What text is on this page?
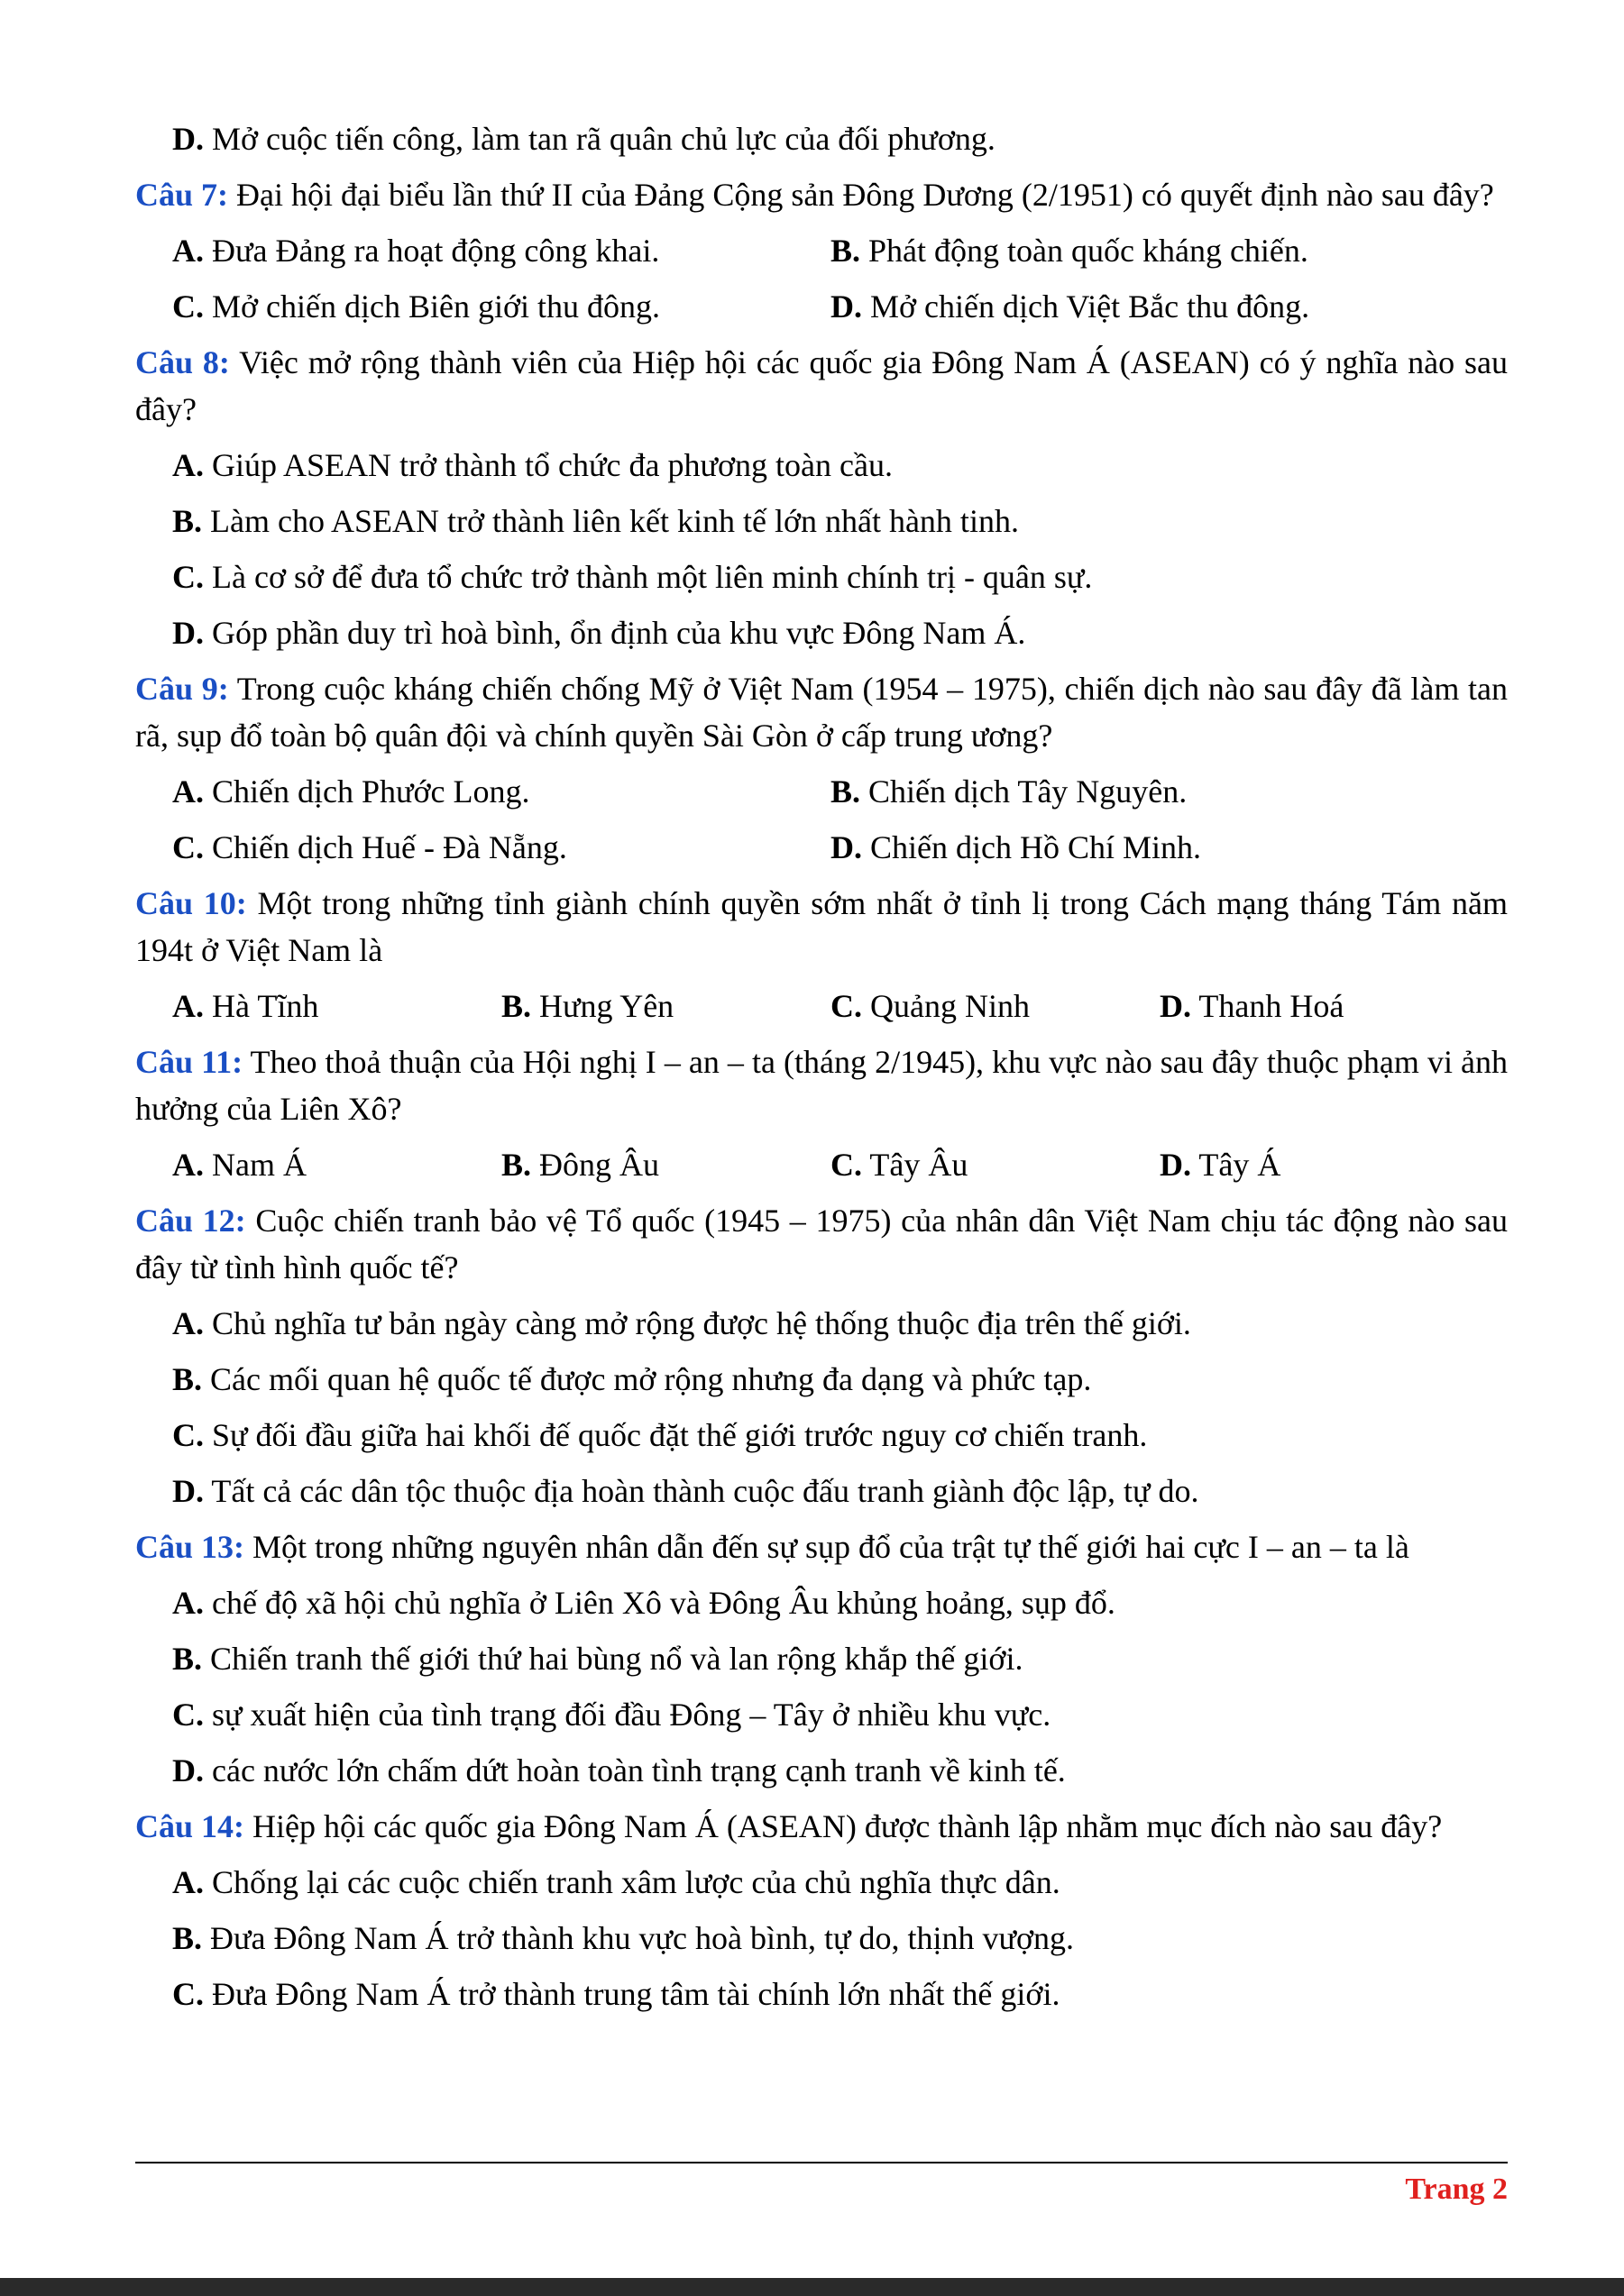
D. Mở cuộc tiến công, làm tan rã quân chủ lực của đối phương.

Câu 7: Đại hội đại biểu lần thứ II của Đảng Cộng sản Đông Dương (2/1951) có quyết định nào sau đây?

A. Đưa Đảng ra hoạt động công khai.	B. Phát động toàn quốc kháng chiến.
C. Mở chiến dịch Biên giới thu đông.	D. Mở chiến dịch Việt Bắc thu đông.

Câu 8: Việc mở rộng thành viên của Hiệp hội các quốc gia Đông Nam Á (ASEAN) có ý nghĩa nào sau đây?

A. Giúp ASEAN trở thành tổ chức đa phương toàn cầu.
B. Làm cho ASEAN trở thành liên kết kinh tế lớn nhất hành tinh.
C. Là cơ sở để đưa tổ chức trở thành một liên minh chính trị - quân sự.
D. Góp phần duy trì hoà bình, ổn định của khu vực Đông Nam Á.

Câu 9: Trong cuộc kháng chiến chống Mỹ ở Việt Nam (1954 – 1975), chiến dịch nào sau đây đã làm tan rã, sụp đổ toàn bộ quân đội và chính quyền Sài Gòn ở cấp trung ương?

A. Chiến dịch Phước Long.	B. Chiến dịch Tây Nguyên.
C. Chiến dịch Huế - Đà Nẵng.	D. Chiến dịch Hồ Chí Minh.

Câu 10: Một trong những tỉnh giành chính quyền sớm nhất ở tỉnh lị trong Cách mạng tháng Tám năm 194t ở Việt Nam là

A. Hà Tĩnh	B. Hưng Yên	C. Quảng Ninh	D. Thanh Hoá

Câu 11: Theo thoả thuận của Hội nghị I – an – ta (tháng 2/1945), khu vực nào sau đây thuộc phạm vi ảnh hưởng của Liên Xô?

A. Nam Á	B. Đông Âu	C. Tây Âu	D. Tây Á

Câu 12: Cuộc chiến tranh bảo vệ Tổ quốc (1945 – 1975) của nhân dân Việt Nam chịu tác động nào sau đây từ tình hình quốc tế?

A. Chủ nghĩa tư bản ngày càng mở rộng được hệ thống thuộc địa trên thế giới.
B. Các mối quan hệ quốc tế được mở rộng nhưng đa dạng và phức tạp.
C. Sự đối đầu giữa hai khối đế quốc đặt thế giới trước nguy cơ chiến tranh.
D. Tất cả các dân tộc thuộc địa hoàn thành cuộc đấu tranh giành độc lập, tự do.

Câu 13: Một trong những nguyên nhân dẫn đến sự sụp đổ của trật tự thế giới hai cực I – an – ta là

A. chế độ xã hội chủ nghĩa ở Liên Xô và Đông Âu khủng hoảng, sụp đổ.
B. Chiến tranh thế giới thứ hai bùng nổ và lan rộng khắp thế giới.
C. sự xuất hiện của tình trạng đối đầu Đông – Tây ở nhiều khu vực.
D. các nước lớn chấm dứt hoàn toàn tình trạng cạnh tranh về kinh tế.

Câu 14: Hiệp hội các quốc gia Đông Nam Á (ASEAN) được thành lập nhằm mục đích nào sau đây?

A. Chống lại các cuộc chiến tranh xâm lược của chủ nghĩa thực dân.
B. Đưa Đông Nam Á trở thành khu vực hoà bình, tự do, thịnh vượng.
C. Đưa Đông Nam Á trở thành trung tâm tài chính lớn nhất thế giới.
Trang 2
